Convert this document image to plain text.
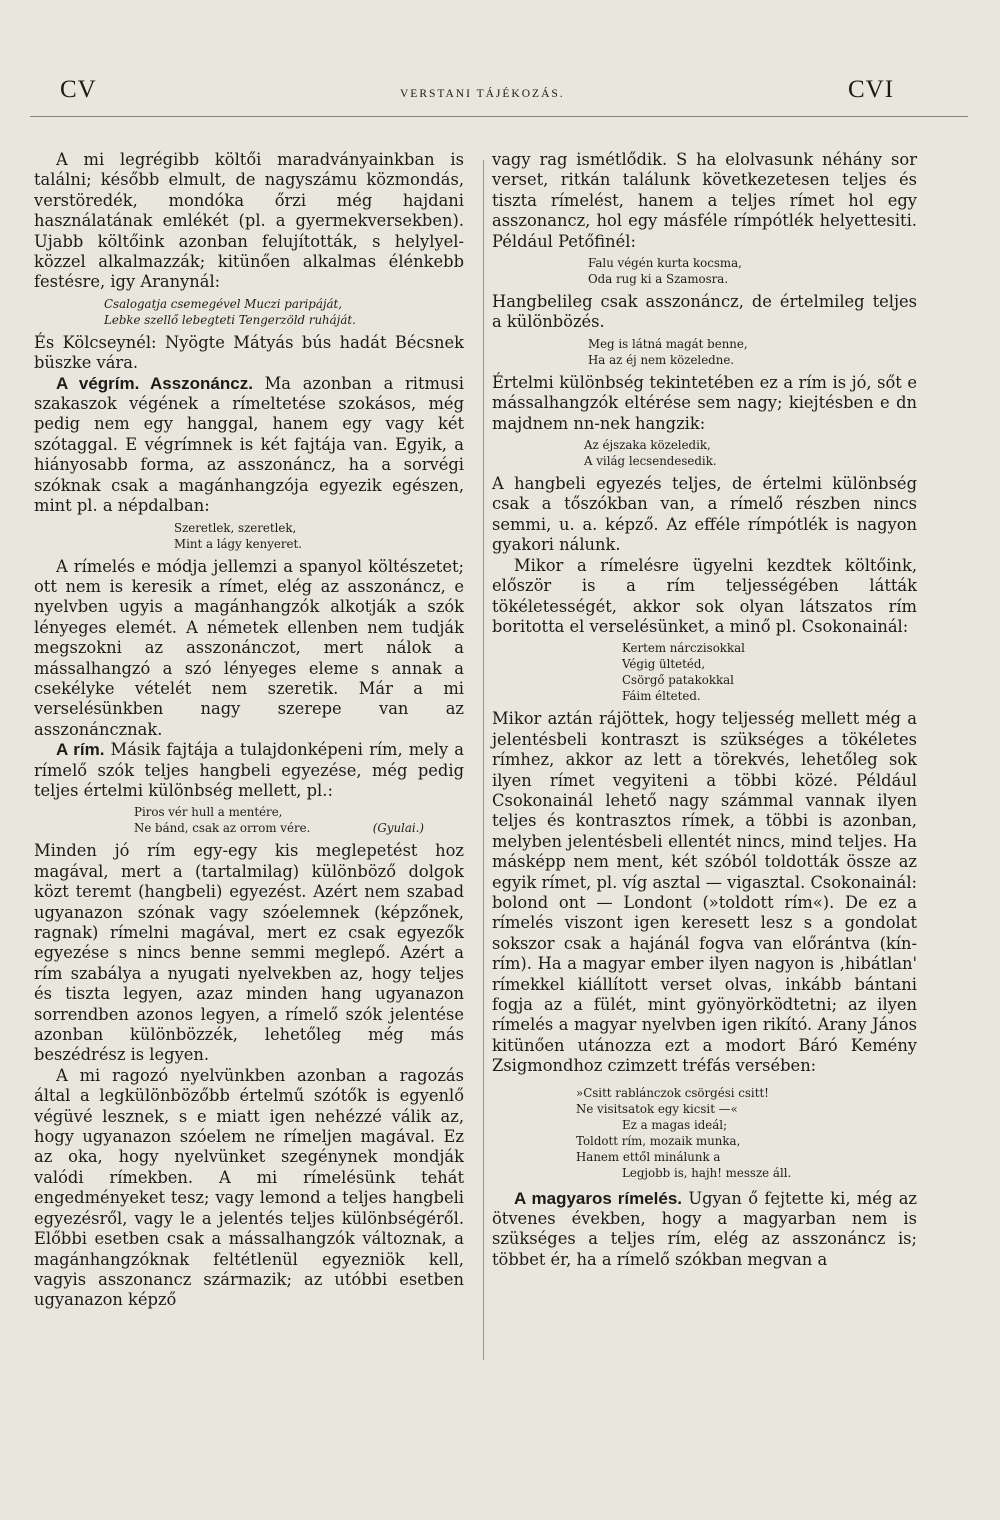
CV	VERSTANI TÁJÉKOZÁS.	CVI

A mi legrégibb költői maradványainkban is találni; később elmult, de nagyszámu közmondás, verstöredék, mondóka őrzi még hajdani használatának emlékét (pl. a gyermekversekben). Ujabb költőink azonban felujították, s helylyel-közzel alkalmazzák; kitünően alkalmas élénkebb festésre, igy Aranynál:

Csalogatja csemegével Muczi paripáját,
Lebke szellő lebegteti Tengerzöld ruháját.

És Kölcseynél: Nyögte Mátyás bús hadát Bécsnek büszke vára.

A végrím. Asszonáncz. Ma azonban a ritmusi szakaszok végének a rímeltetése szokásos, még pedig nem egy hanggal, hanem egy vagy két szótaggal. E végrímnek is két fajtája van. Egyik, a hiányosabb forma, az asszonáncz, ha a sorvégi szóknak csak a magánhangzója egyezik egészen, mint pl. a népdalban:

Szeretlek, szeretlek,
Mint a lágy kenyeret.

A rímelés e módja jellemzi a spanyol költészetet; ott nem is keresik a rímet, elég az asszonáncz, e nyelvben ugyis a magánhangzók alkotják a szók lényeges elemét. A németek ellenben nem tudják megszokni az asszonánczot, mert nálok a mássalhangzó a szó lényeges eleme s annak a csekélyke vételét nem szeretik. Már a mi verselésünkben nagy szerepe van az asszonáncznak.

A rím. Másik fajtája a tulajdonképeni rím, mely a rímelő szók teljes hangbeli egyezése, még pedig teljes értelmi különbség mellett, pl.:

Piros vér hull a mentére,
Ne bánd, csak az orrom vére.	(Gyulai.)

Minden jó rím egy-egy kis meglepetést hoz magával, mert a (tartalmilag) különböző dolgok közt teremt (hangbeli) egyezést. Azért nem szabad ugyanazon szónak vagy szóelemnek (képzőnek, ragnak) rímelni magával, mert ez csak egyezők egyezése s nincs benne semmi meglepő. Azért a rím szabálya a nyugati nyelvekben az, hogy teljes és tiszta legyen, azaz minden hang ugyanazon sorrendben azonos legyen, a rímelő szók jelentése azonban különbözzék, lehetőleg még más beszédrész is legyen.

A mi ragozó nyelvünkben azonban a ragozás által a legkülönbözőbb értelmű szótők is egyenlő végüvé lesznek, s e miatt igen nehézzé válik az, hogy ugyanazon szóelem ne rímeljen magával. Ez az oka, hogy nyelvünket szegénynek mondják valódi rímekben. A mi rímelésünk tehát engedményeket tesz; vagy lemond a teljes hangbeli egyezésről, vagy le a jelentés teljes különbségéről. Előbbi esetben csak a mássalhangzók változnak, a magánhangzóknak feltétlenül egyezniök kell, vagyis asszonancz származik; az utóbbi esetben ugyanazon képző

vagy rag ismétlődik. S ha elolvasunk néhány sor verset, ritkán találunk következetesen teljes és tiszta rímelést, hanem a teljes rímet hol egy asszonancz, hol egy másféle rímpótlék helyettesiti. Például Petőfinél:

Falu végén kurta kocsma,
Oda rug ki a Szamosra.

Hangbelileg csak asszonáncz, de értelmileg teljes a különbözés.

Meg is látná magát benne,
Ha az éj nem közeledne.

Értelmi különbség tekintetében ez a rím is jó, sőt e mássalhangzók eltérése sem nagy; kiejtésben e dn majdnem nn-nek hangzik:

Az éjszaka közeledik,
A világ lecsendesedik.

A hangbeli egyezés teljes, de értelmi különbség csak a tőszókban van, a rímelő részben nincs semmi, u. a. képző. Az efféle rímpótlék is nagyon gyakori nálunk.

Mikor a rímelésre ügyelni kezdtek költőink, először is a rím teljességében látták tökéletességét, akkor sok olyan látszatos rím boritotta el verselésünket, a minő pl. Csokonainál:

Kertem nárczisokkal
Végig ültetéd,
Csörgő patakokkal
Fáim élteted.

Mikor aztán rájöttek, hogy teljesség mellett még a jelentésbeli kontraszt is szükséges a tökéletes rímhez, akkor az lett a törekvés, lehetőleg sok ilyen rímet vegyiteni a többi közé. Például Csokonainál lehető nagy számmal vannak ilyen teljes és kontrasztos rímek, a többi is azonban, melyben jelentésbeli ellentét nincs, mind teljes. Ha másképp nem ment, két szóból toldották össze az egyik rímet, pl. víg asztal — vigasztal. Csokonainál: bolond ont — Londont (»toldott rím«). De ez a rímelés viszont igen keresett lesz s a gondolat sokszor csak a hajánál fogva van előrántva (kín-rím). Ha a magyar ember ilyen nagyon is ‚hibátlan' rímekkel kiállított verset olvas, inkább bántani fogja az a fülét, mint gyönyörködtetni; az ilyen rímelés a magyar nyelvben igen rikító. Arany János kitünően utánozza ezt a modort Báró Kemény Zsigmondhoz czimzett tréfás versében:

»Csitt rablánczok csörgési csitt!
Ne visitsatok egy kicsit —«
Ez a magas ideál;
Toldott rím, mozaik munka,
Hanem ettől minálunk a
Legjobb is, hajh! messze áll.

A magyaros rímelés. Ugyan ő fejtette ki, még az ötvenes években, hogy a magyarban nem is szükséges a teljes rím, elég az asszonáncz is; többet ér, ha a rímelő szókban megvan a
